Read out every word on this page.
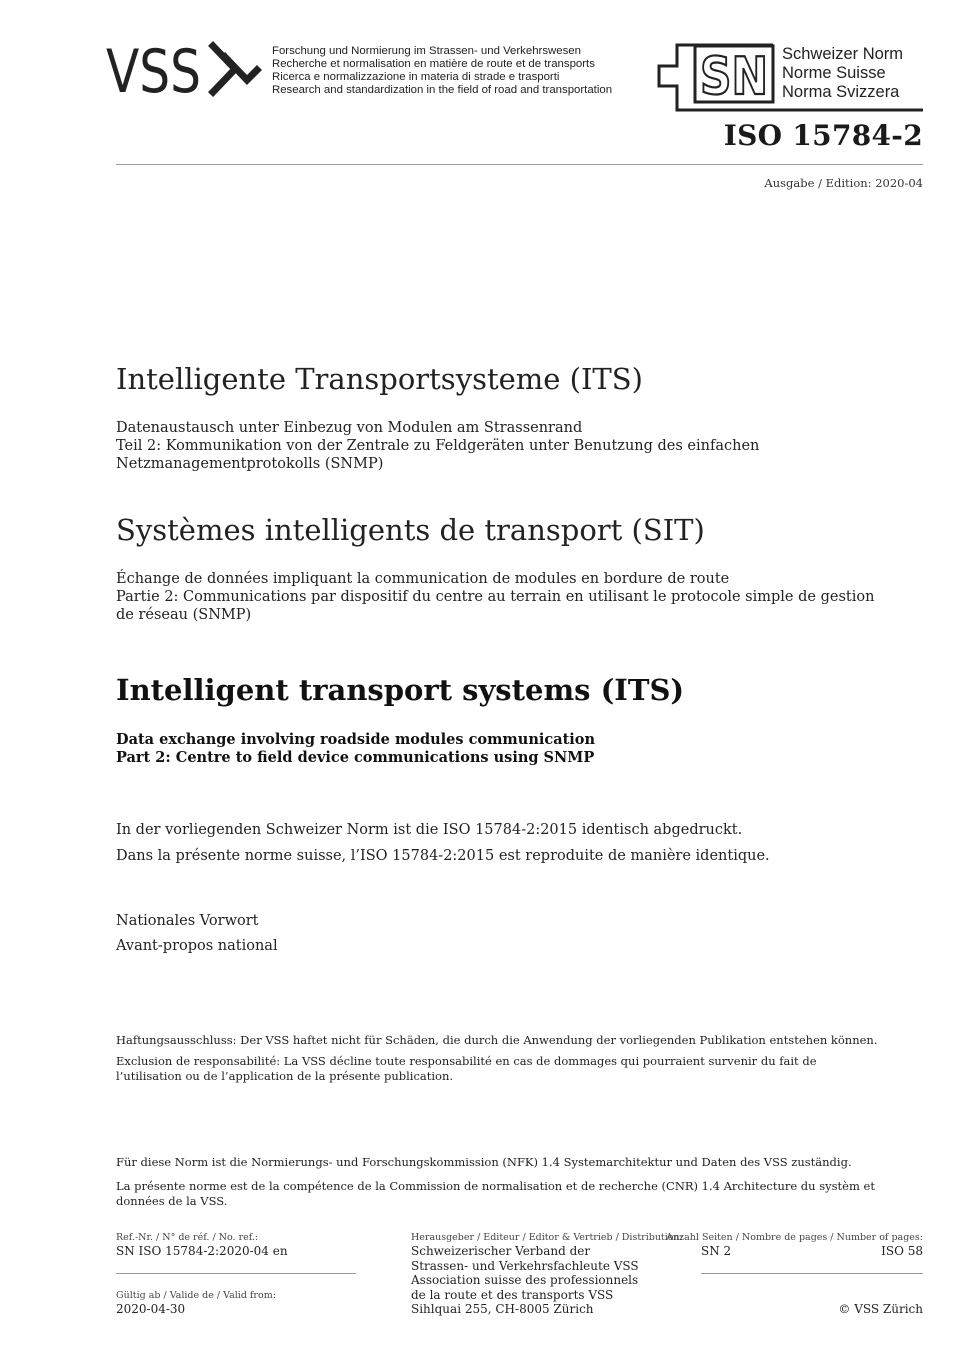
VSS	Forschung und Normierung im Strassen- und Verkehrswesen
Recherche et normalisation en matière de route et de transports
Ricerca e normalizzazione in materia di strade e trasporti
Research and standardization in the field of road and transportation SN Schweizer Norm
Norme Suisse
Norma Svizzera
ISO 15784-2
Ausgabe / Edition: 2020-04
Intelligente Transportsysteme (ITS)
Datenaustausch unter Einbezug von Modulen am Strassenrand
Teil 2: Kommunikation von der Zentrale zu Feldgeräten unter Benutzung des einfachen
Netzmanagementprotokolls (SNMP)
Systèmes intelligents de transport (SIT)
Échange de données impliquant la communication de modules en bordure de route
Partie 2: Communications par dispositif du centre au terrain en utilisant le protocole simple de gestion
de réseau (SNMP)
Intelligent transport systems (ITS)
Data exchange involving roadside modules communication
Part 2: Centre to field device communications using SNMP
In der vorliegenden Schweizer Norm ist die ISO 15784-2:2015 identisch abgedruckt.
Dans la présente norme suisse, l’ISO 15784-2:2015 est reproduite de manière identique.
Nationales Vorwort
Avant-propos national
Haftungsausschluss: Der VSS haftet nicht für Schäden, die durch die Anwendung der vorliegenden Publikation entstehen können.
Exclusion de responsabilité: La VSS décline toute responsabilité en cas de dommages qui pourraient survenir du fait de l’utilisation ou de l’application de la présente publication.
Für diese Norm ist die Normierungs- und Forschungskommission (NFK) 1.4 Systemarchitektur und Daten des VSS zuständig.
La présente norme est de la compétence de la Commission de normalisation et de recherche (CNR) 1.4 Architecture du systèm et données de la VSS.
Ref.-Nr. / N° de réf. / No. ref.:
SN ISO 15784-2:2020-04 en
Gültig ab / Valide de / Valid from:
2020-04-30
Herausgeber / Editeur / Editor & Vertrieb / Distribution:
Schweizerischer Verband der
Strassen- und Verkehrsfachleute VSS
Association suisse des professionnels
de la route et des transports VSS
Sihlquai 255, CH-8005 Zürich
Anzahl Seiten / Nombre de pages / Number of pages:
SN 2	ISO 58
© VSS Zürich
